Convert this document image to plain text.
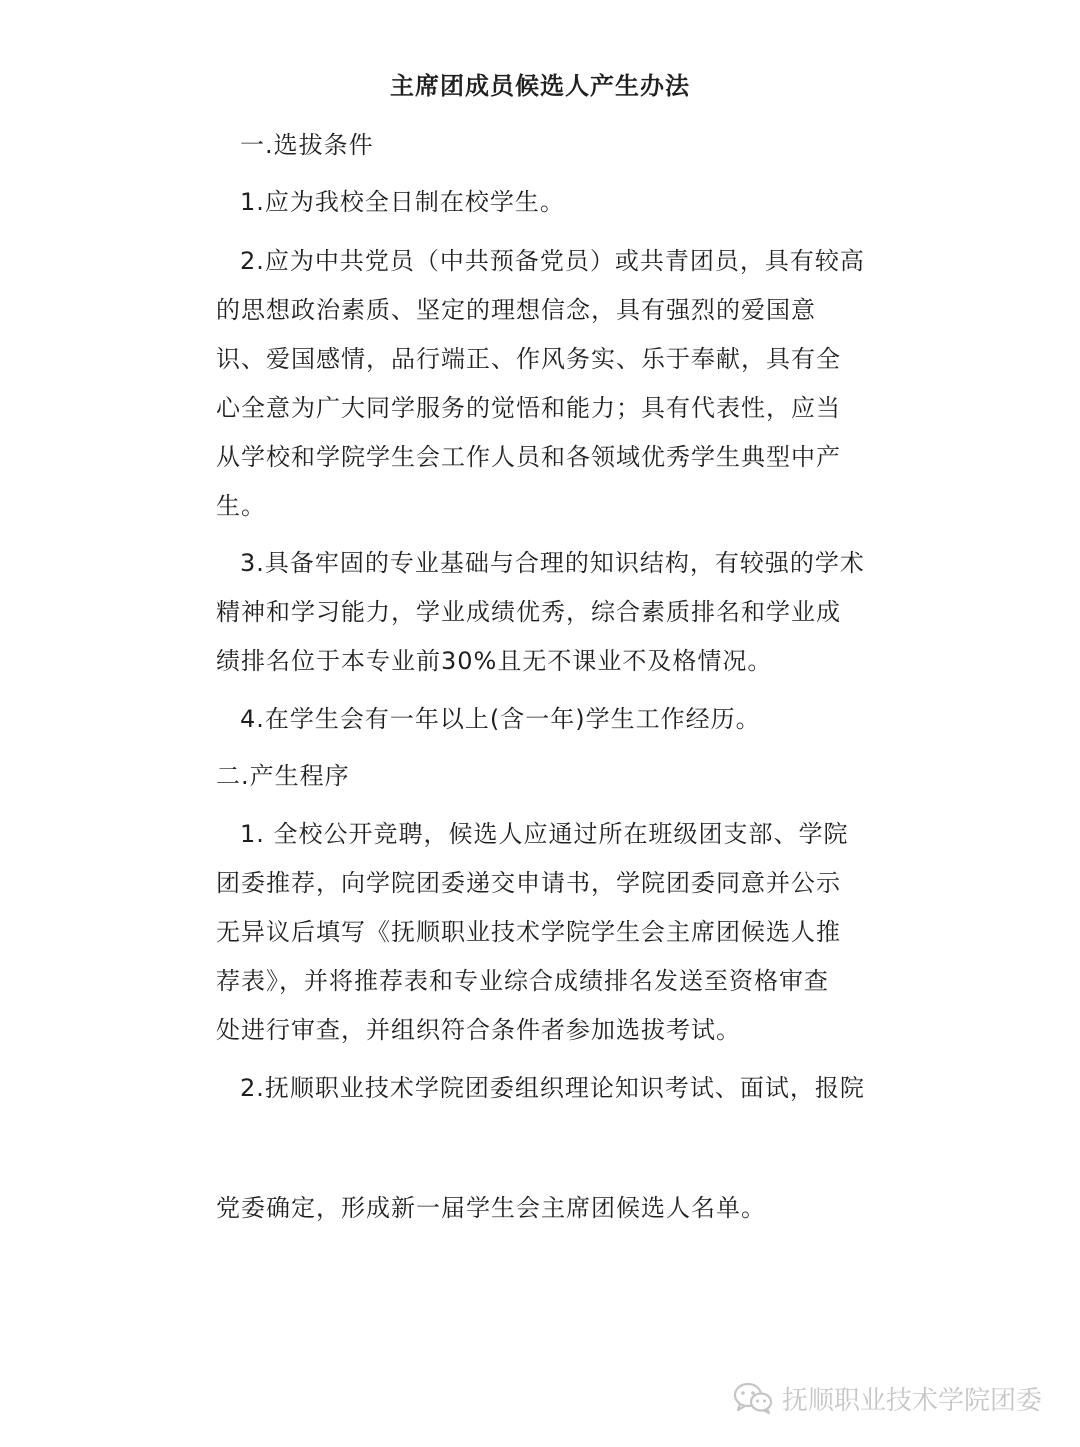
主席团成员候选人产生办法
一.选拔条件
1.应为我校全日制在校学生。
2.应为中共党员（中共预备党员）或共青团员，具有较高
的思想政治素质、坚定的理想信念，具有强烈的爱国意
识、爱国感情，品行端正、作风务实、乐于奉献，具有全
心全意为广大同学服务的觉悟和能力；具有代表性，应当
从学校和学院学生会工作人员和各领域优秀学生典型中产
生。
3.具备牢固的专业基础与合理的知识结构，有较强的学术
精神和学习能力，学业成绩优秀，综合素质排名和学业成
绩排名位于本专业前30%且无不课业不及格情况。
4.在学生会有一年以上(含一年)学生工作经历。
二.产生程序
1. 全校公开竞聘，候选人应通过所在班级团支部、学院
团委推荐，向学院团委递交申请书，学院团委同意并公示
无异议后填写《抚顺职业技术学院学生会主席团候选人推
荐表》，并将推荐表和专业综合成绩排名发送至资格审查
处进行审查，并组织符合条件者参加选拔考试。
2.抚顺职业技术学院团委组织理论知识考试、面试，报院
党委确定，形成新一届学生会主席团候选人名单。
抚顺职业技术学院团委
